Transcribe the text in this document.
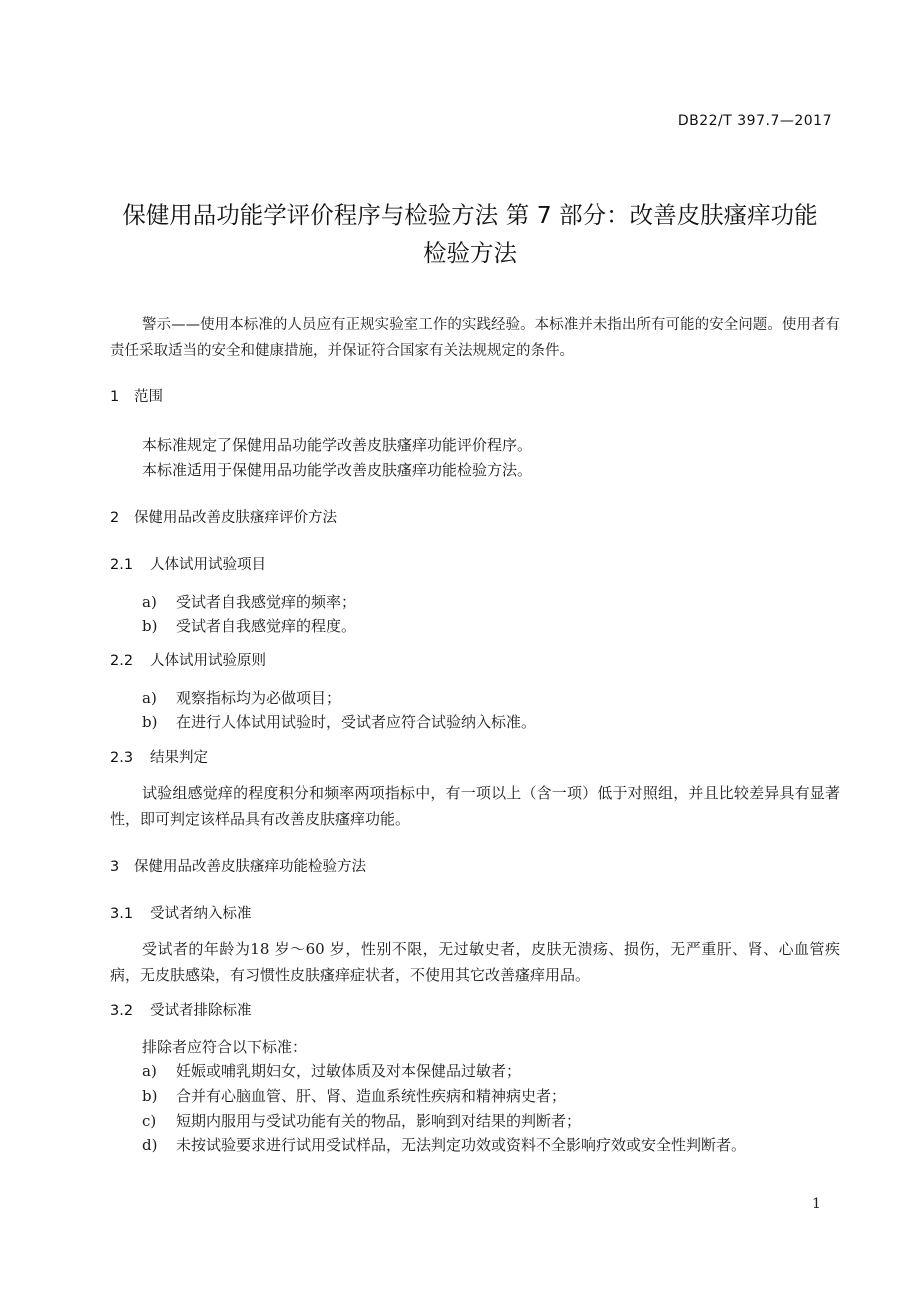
DB22/T 397.7—2017
保健用品功能学评价程序与检验方法 第 7 部分：改善皮肤瘙痒功能
检验方法
警示——使用本标准的人员应有正规实验室工作的实践经验。本标准并未指出所有可能的安全问题。使用者有责任采取适当的安全和健康措施，并保证符合国家有关法规规定的条件。
1 范围
本标准规定了保健用品功能学改善皮肤瘙痒功能评价程序。
本标准适用于保健用品功能学改善皮肤瘙痒功能检验方法。
2 保健用品改善皮肤瘙痒评价方法
2.1 人体试用试验项目
a) 受试者自我感觉痒的频率；
b) 受试者自我感觉痒的程度。
2.2 人体试用试验原则
a) 观察指标均为必做项目；
b) 在进行人体试用试验时，受试者应符合试验纳入标准。
2.3 结果判定
试验组感觉痒的程度积分和频率两项指标中，有一项以上（含一项）低于对照组，并且比较差异具有显著性，即可判定该样品具有改善皮肤瘙痒功能。
3 保健用品改善皮肤瘙痒功能检验方法
3.1 受试者纳入标准
受试者的年龄为18 岁～60 岁，性别不限，无过敏史者，皮肤无溃疡、损伤，无严重肝、肾、心血管疾病，无皮肤感染，有习惯性皮肤瘙痒症状者，不使用其它改善瘙痒用品。
3.2 受试者排除标准
排除者应符合以下标准：
a) 妊娠或哺乳期妇女，过敏体质及对本保健品过敏者；
b) 合并有心脑血管、肝、肾、造血系统性疾病和精神病史者；
c) 短期内服用与受试功能有关的物品，影响到对结果的判断者；
d) 未按试验要求进行试用受试样品，无法判定功效或资料不全影响疗效或安全性判断者。
1
